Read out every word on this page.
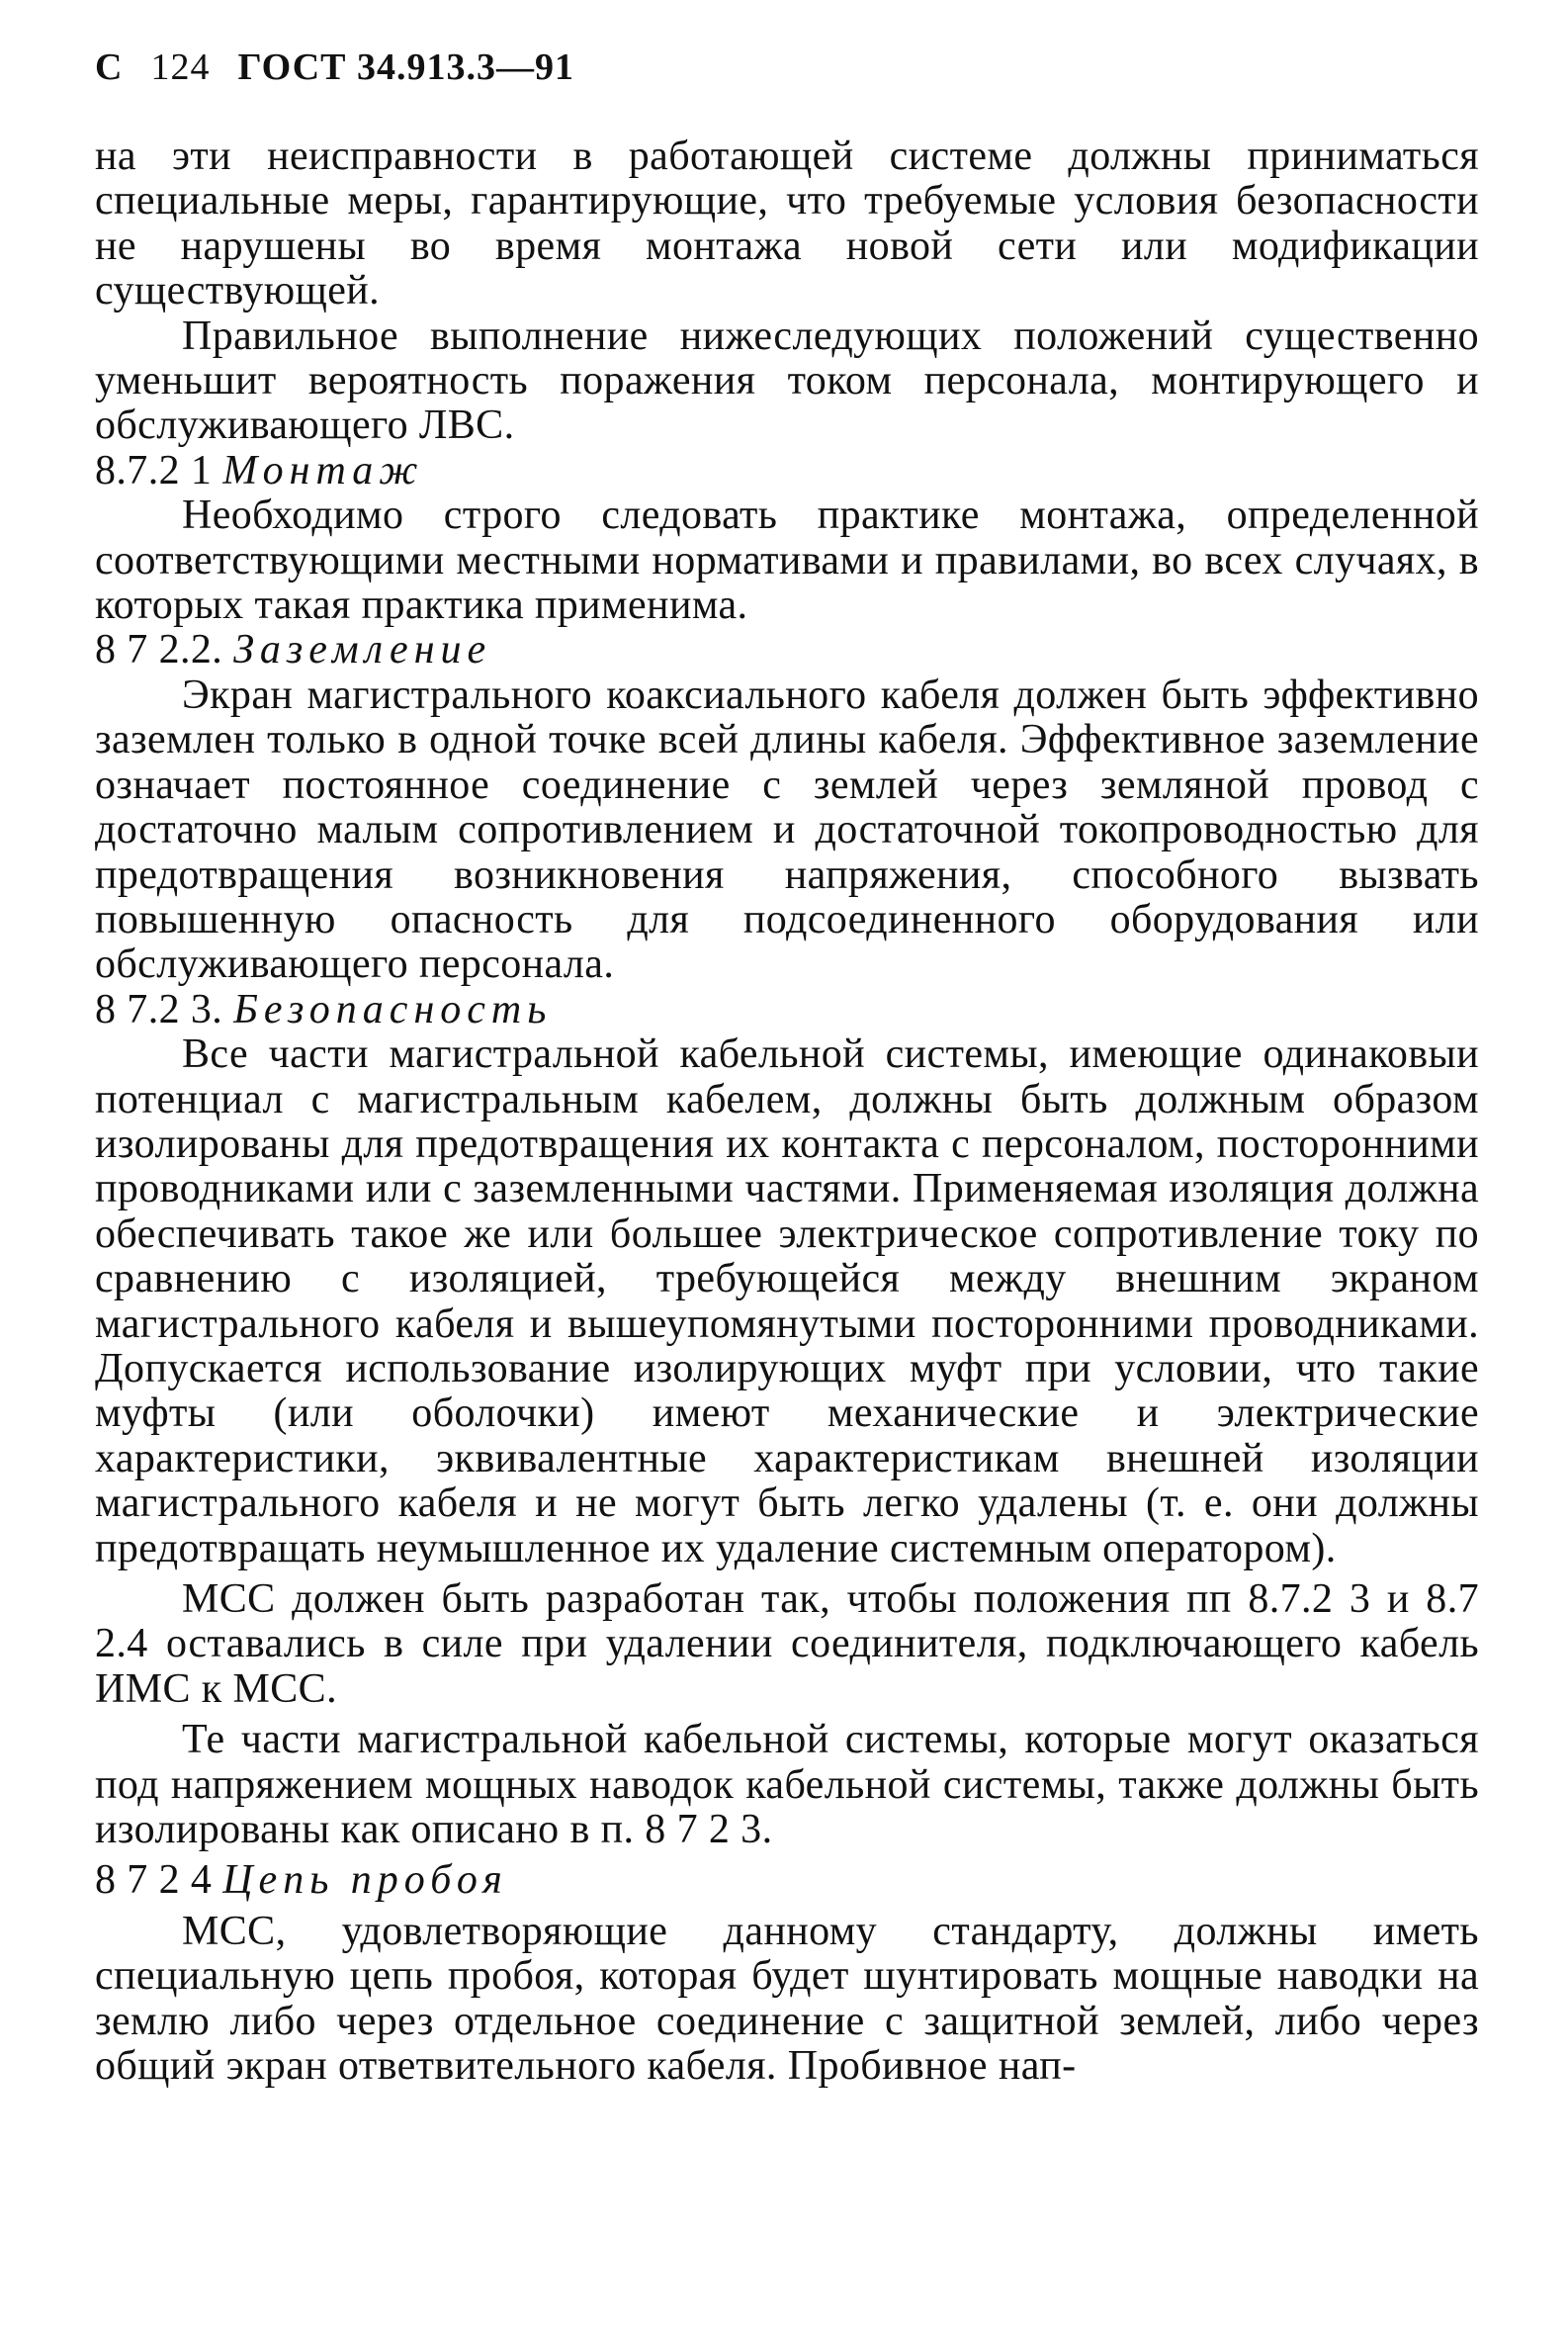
С 124 ГОСТ 34.913.3—91

на эти неисправности в работающей системе должны приниматься специальные меры, гарантирующие, что требуемые условия безопасности не нарушены во время монтажа новой сети или модификации существующей.

Правильное выполнение нижеследующих положений существенно уменьшит вероятность поражения током персонала, монтирующего и обслуживающего ЛВС.

8.7.2 1 Монтаж

Необходимо строго следовать практике монтажа, определенной соответствующими местными нормативами и правилами, во всех случаях, в которых такая практика применима.

8 7 2.2. Заземление

Экран магистрального коаксиального кабеля должен быть эффективно заземлен только в одной точке всей длины кабеля. Эффективное заземление означает постоянное соединение с землей через земляной провод с достаточно малым сопротивлением и достаточной токопроводностью для предотвращения возникновения напряжения, способного вызвать повышенную опасность для подсоединенного оборудования или обслуживающего персонала.

8 7.2 3. Безопасность

Все части магистральной кабельной системы, имеющие одинаковыи потенциал с магистральным кабелем, должны быть должным образом изолированы для предотвращения их контакта с персоналом, посторонними проводниками или с заземленными частями. Применяемая изоляция должна обеспечивать такое же или большее электрическое сопротивление току по сравнению с изоляцией, требующейся между внешним экраном магистрального кабеля и вышеупомянутыми посторонними проводниками. Допускается использование изолирующих муфт при условии, что такие муфты (или оболочки) имеют механические и электрические характеристики, эквивалентные характеристикам внешней изоляции магистрального кабеля и не могут быть легко удалены (т. е. они должны предотвращать неумышленное их удаление системным оператором).

МСС должен быть разработан так, чтобы положения пп 8.7.2 3 и 8.7 2.4 оставались в силе при удалении соединителя, подключающего кабель ИМС к МСС.

Те части магистральной кабельной системы, которые могут оказаться под напряжением мощных наводок кабельной системы, также должны быть изолированы как описано в п. 8 7 2 3.

8 7 2 4 Цепь пробоя

МСС, удовлетворяющие данному стандарту, должны иметь специальную цепь пробоя, которая будет шунтировать мощные наводки на землю либо через отдельное соединение с защитной землей, либо через общий экран ответвительного кабеля. Пробивное нап-
